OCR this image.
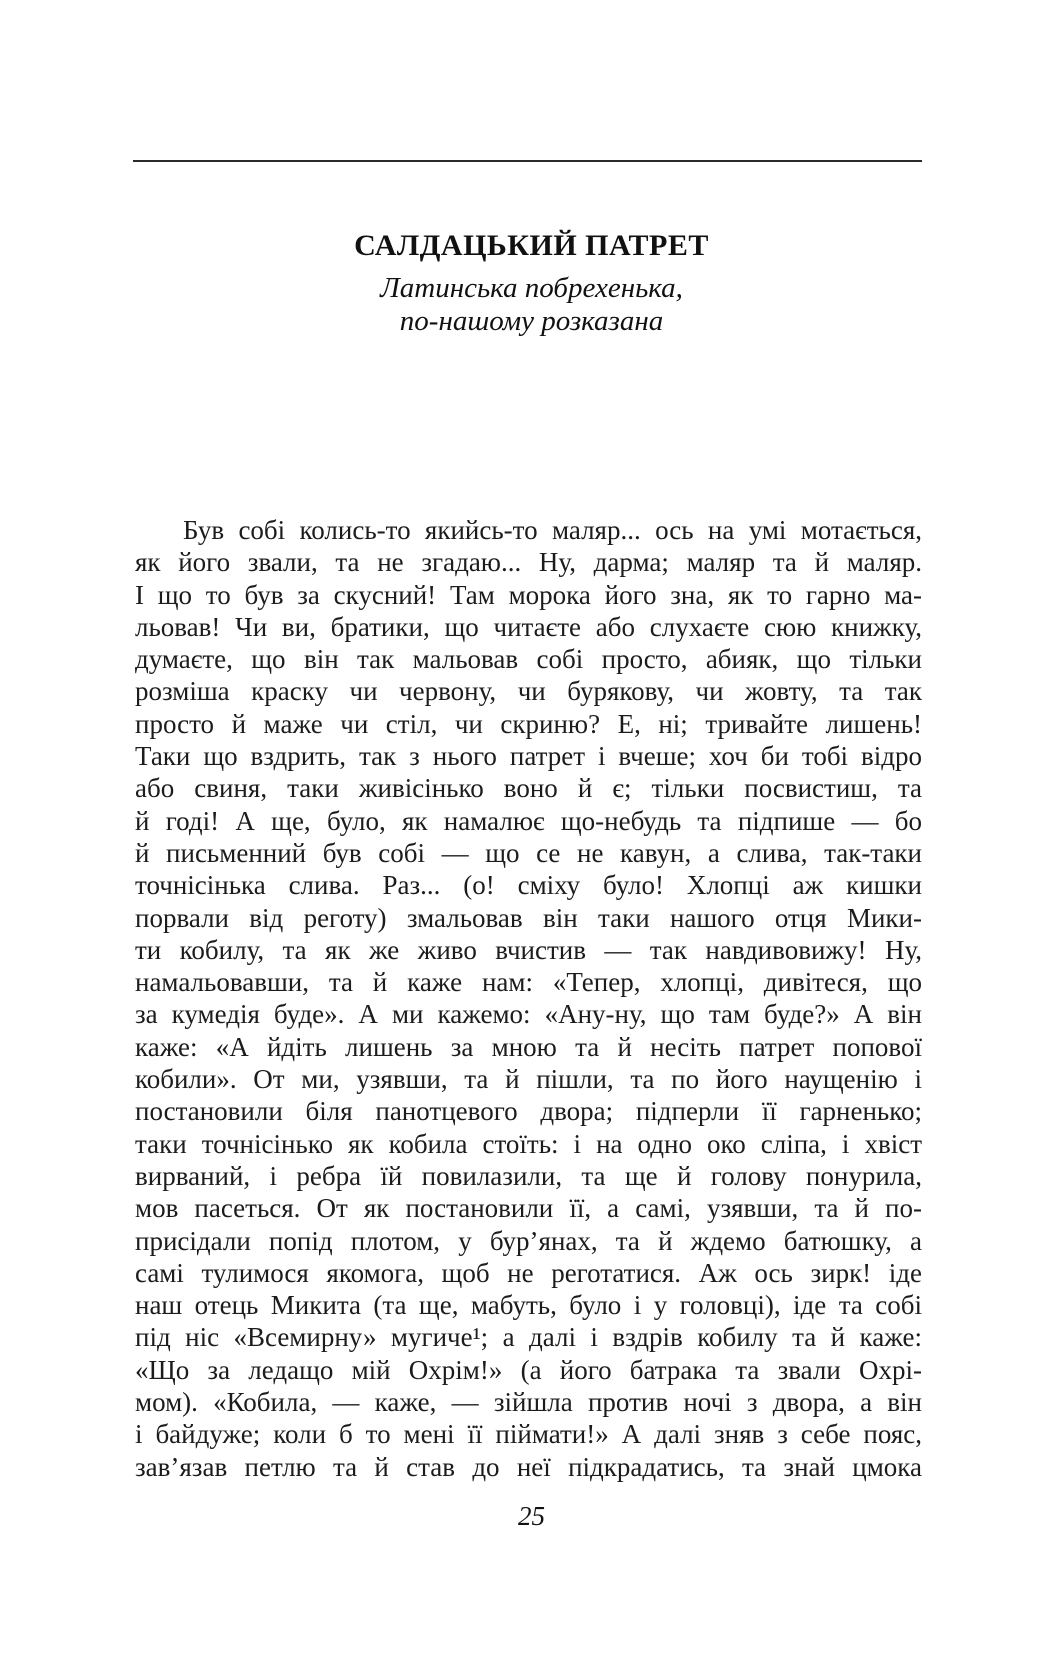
САЛДАЦЬКИЙ ПАТРЕТ
Латинська побрехенька,
по-нашому розказана
Був собі колись-то якийсь-то маляр... ось на умі мотається,
як його звали, та не згадаю... Ну, дарма; маляр та й маляр.
І що то був за скусний! Там морока його зна, як то гарно ма-
льовав! Чи ви, братики, що читаєте або слухаєте сюю книжку,
думаєте, що він так мальовав собі просто, абияк, що тільки
розміша краску чи червону, чи бурякову, чи жовту, та так
просто й маже чи стіл, чи скриню? Е, ні; тривайте лишень!
Таки що вздрить, так з нього патрет і вчеше; хоч би тобі відро
або свиня, таки живісінько воно й є; тільки посвистиш, та
й годі! А ще, було, як намалює що-небудь та підпише — бо
й письменний був собі — що се не кавун, а слива, так-таки
точнісінька слива. Раз... (о! сміху було! Хлопці аж кишки
порвали від реготу) змальовав він таки нашого отця Мики-
ти кобилу, та як же живо вчистив — так навдивовижу! Ну,
намальовавши, та й каже нам: «Тепер, хлопці, дивітеся, що
за кумедія буде». А ми кажемо: «Ану-ну, що там буде?» А він
каже: «А йдіть лишень за мною та й несіть патрет попової
кобили». От ми, узявши, та й пішли, та по його наущенію і
постановили біля панотцевого двора; підперли її гарненько;
таки точнісінько як кобила стоїть: і на одно око сліпа, і хвіст
вирваний, і ребра їй повилазили, та ще й голову понурила,
мов пасеться. От як постановили її, а самі, узявши, та й по-
присідали попід плотом, у бур’янах, та й ждемо батюшку, а
самі тулимося якомога, щоб не реготатися. Аж ось зирк! іде
наш отець Микита (та ще, мабуть, було і у головці), іде та собі
під ніс «Всемирну» мугиче¹; а далі і вздрів кобилу та й каже:
«Що за ледащо мій Охрім!» (а його батрака та звали Охрі-
мом). «Кобила, — каже, — зійшла против ночі з двора, а він
і байдуже; коли б то мені її піймати!» А далі зняв з себе пояс,
зав’язав петлю та й став до неї підкрадатись, та знай цмока
25
